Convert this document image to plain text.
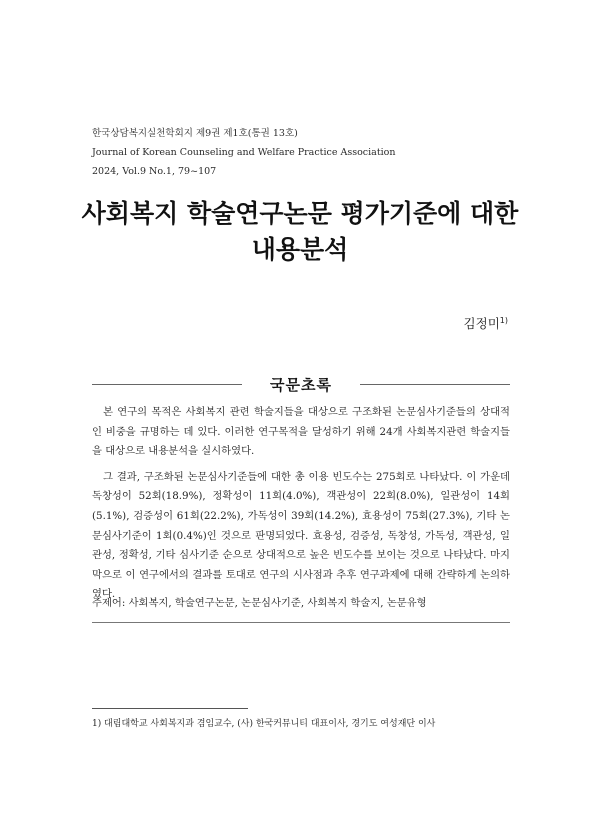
한국상담복지실천학회지 제9권 제1호(통권 13호)
Journal of Korean Counseling and Welfare Practice Association
2024, Vol.9 No.1, 79~107
사회복지 학술연구논문 평가기준에 대한
내용분석
김정미$^{1)}$
국문초록

본 연구의 목적은 사회복지 관련 학술지들을 대상으로 구조화된 논문심사기준들의 상대적인 비중을 규명하는 데 있다. 이러한 연구목적을 달성하기 위해 24개 사회복지관련 학술지들을 대상으로 내용분석을 실시하였다.

그 결과, 구조화된 논문심사기준들에 대한 총 이용 빈도수는 275회로 나타났다. 이 가운데 독창성이 52회(18.9%), 정확성이 11회(4.0%), 객관성이 22회(8.0%), 일관성이 14회(5.1%), 검증성이 61회(22.2%), 가독성이 39회(14.2%), 효용성이 75회(27.3%), 기타 논문심사기준이 1회(0.4%)인 것으로 판명되었다. 효용성, 검증성, 독창성, 가독성, 객관성, 일관성, 정확성, 기타 심사기준 순으로 상대적으로 높은 빈도수를 보이는 것으로 나타났다. 마지막으로 이 연구에서의 결과를 토대로 연구의 시사점과 추후 연구과제에 대해 간략하게 논의하였다.

주제어: 사회복지, 학술연구논문, 논문심사기준, 사회복지 학술지, 논문유형
1) 대림대학교 사회복지과 겸임교수, (사) 한국커뮤니티 대표이사, 경기도 여성재단 이사
